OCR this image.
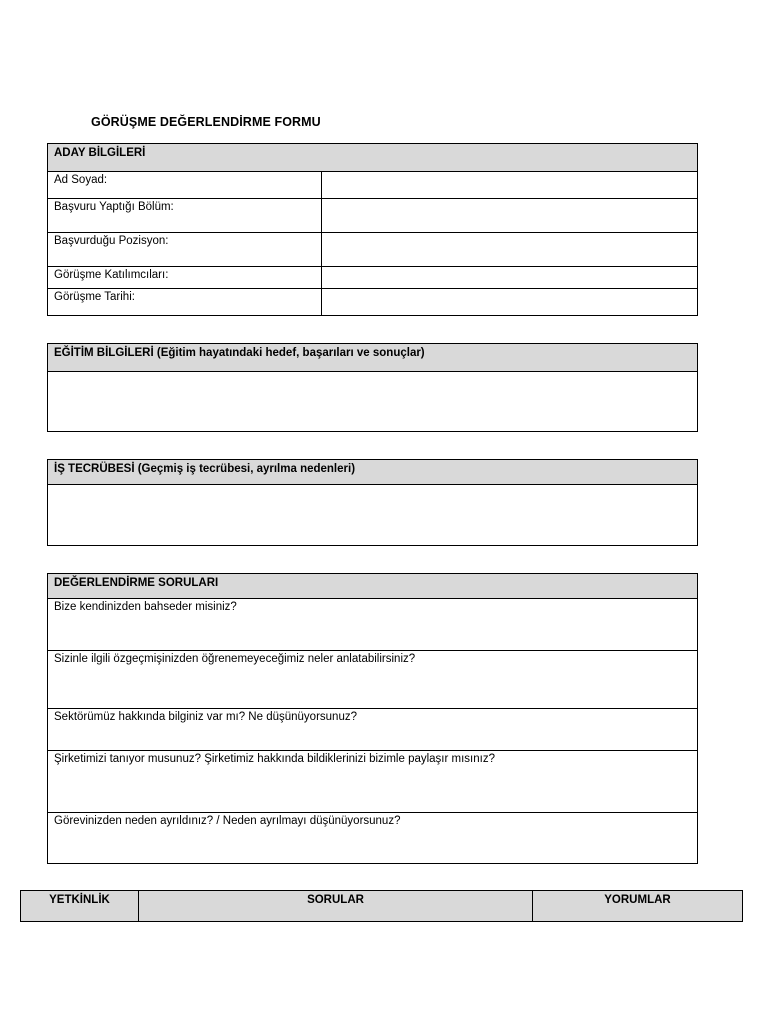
GÖRÜŞME DEĞERLENDİRME FORMU
ADAY BİLGİLERİ
Ad Soyad:
Başvuru Yaptığı Bölüm:
Başvurduğu Pozisyon:
Görüşme Katılımcıları:
Görüşme Tarihi:
EĞİTİM BİLGİLERİ (Eğitim hayatındaki hedef, başarıları ve sonuçlar)
İŞ TECRÜBESİ (Geçmiş iş tecrübesi, ayrılma nedenleri)
DEĞERLENDİRME SORULARI
Bize kendinizden bahseder misiniz?
Sizinle ilgili özgeçmişinizden öğrenemeyeceğimiz neler anlatabilirsiniz?
Sektörümüz hakkında bilginiz var mı? Ne düşünüyorsunuz?
Şirketimizi tanıyor musunuz? Şirketimiz hakkında bildiklerinizi bizimle paylaşır mısınız?
Görevinizden neden ayrıldınız? / Neden ayrılmayı düşünüyorsunuz?
YETKİNLİK	SORULAR	YORUMLAR
